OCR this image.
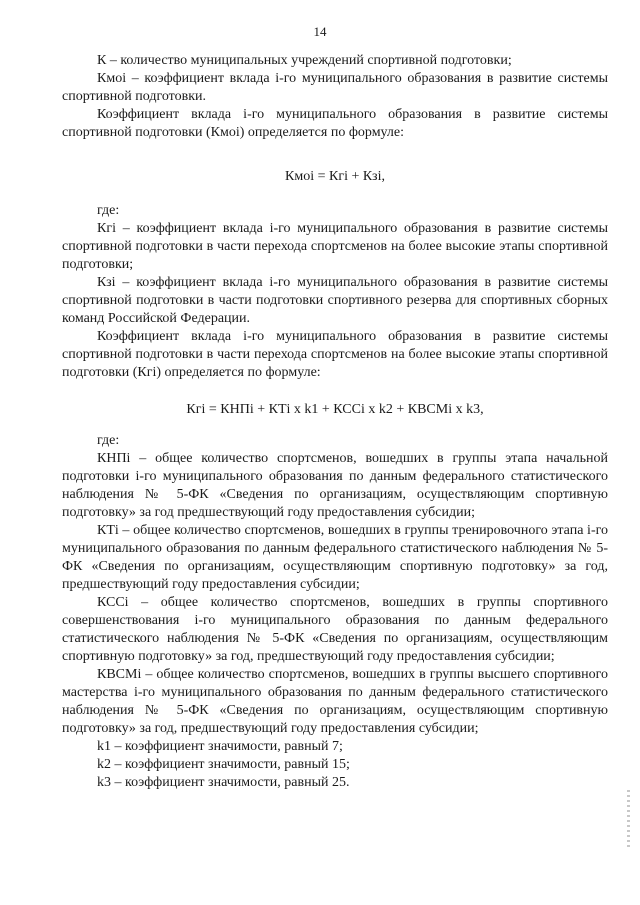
14

К – количество муниципальных учреждений спортивной подготовки;

Кмоi – коэффициент вклада i-го муниципального образования в развитие системы спортивной подготовки.

Коэффициент вклада i-го муниципального образования в развитие системы спортивной подготовки (Кмоi) определяется по формуле:

Кмоi = Кгi + Кзi,

где:

Кгi – коэффициент вклада i-го муниципального образования в развитие системы спортивной подготовки в части перехода спортсменов на более высокие этапы спортивной подготовки;

Кзi – коэффициент вклада i-го муниципального образования в развитие системы спортивной подготовки в части подготовки спортивного резерва для спортивных сборных команд Российской Федерации.

Коэффициент вклада i-го муниципального образования в развитие системы спортивной подготовки в части перехода спортсменов на более высокие этапы спортивной подготовки (Кгi) определяется по формуле:

Кгi = КНПi + КТi х k1 + КССi х k2 + КВСМi х k3,

где:

КНПi – общее количество спортсменов, вошедших в группы этапа начальной подготовки i-го муниципального образования по данным федерального статистического наблюдения № 5-ФК «Сведения по организациям, осуществляющим спортивную подготовку» за год предшествующий году предоставления субсидии;

КТi – общее количество спортсменов, вошедших в группы тренировочного этапа i-го муниципального образования по данным федерального статистического наблюдения № 5-ФК «Сведения по организациям, осуществляющим спортивную подготовку» за год, предшествующий году предоставления субсидии;

КССi – общее количество спортсменов, вошедших в группы спортивного совершенствования i-го муниципального образования по данным федерального статистического наблюдения № 5-ФК «Сведения по организациям, осуществляющим спортивную подготовку» за год, предшествующий году предоставления субсидии;

КВСМi – общее количество спортсменов, вошедших в группы высшего спортивного мастерства i-го муниципального образования по данным федерального статистического наблюдения № 5-ФК «Сведения по организациям, осуществляющим спортивную подготовку» за год, предшествующий году предоставления субсидии;

k1 – коэффициент значимости, равный 7;

k2 – коэффициент значимости, равный 15;

k3 – коэффициент значимости, равный 25.
